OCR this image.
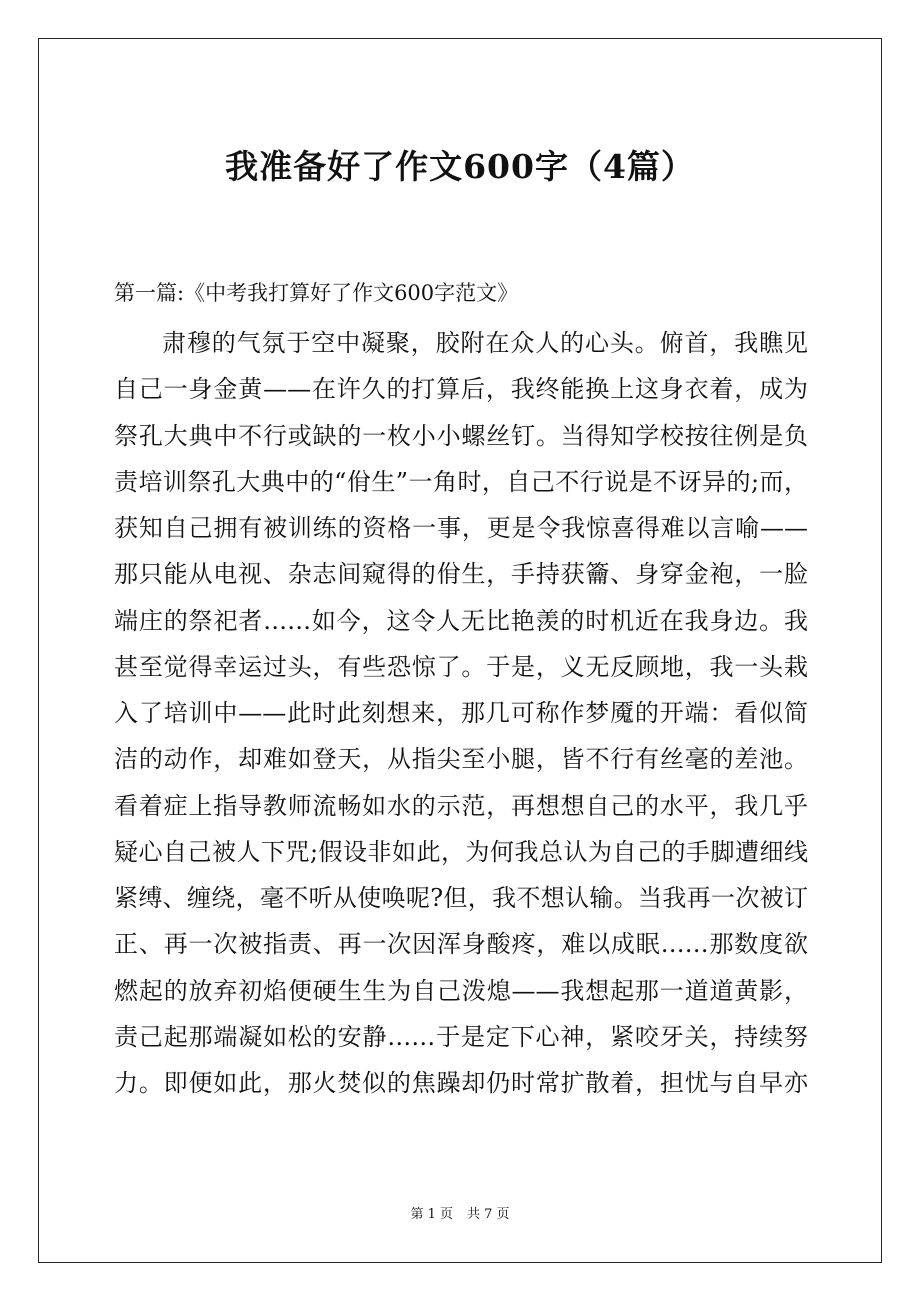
我准备好了作文600字（4篇）

第一篇:《中考我打算好了作文600字范文》

肃穆的气氛于空中凝聚，胶附在众人的心头。俯首，我瞧见
自己一身金黄——在许久的打算后，我终能换上这身衣着，成为
祭孔大典中不行或缺的一枚小小螺丝钉。当得知学校按往例是负
责培训祭孔大典中的“佾生”一角时，自己不行说是不讶异的;而，
获知自己拥有被训练的资格一事，更是令我惊喜得难以言喻——
那只能从电视、杂志间窥得的佾生，手持获籥、身穿金袍，一脸
端庄的祭祀者……如今，这令人无比艳羡的时机近在我身边。我
甚至觉得幸运过头，有些恐惊了。于是，义无反顾地，我一头栽
入了培训中——此时此刻想来，那几可称作梦魇的开端：看似简
洁的动作，却难如登天，从指尖至小腿，皆不行有丝毫的差池。
看着症上指导教师流畅如水的示范，再想想自己的水平，我几乎
疑心自己被人下咒;假设非如此，为何我总认为自己的手脚遭细线
紧缚、缠绕，毫不听从使唤呢?但，我不想认输。当我再一次被订
正、再一次被指责、再一次因浑身酸疼，难以成眠……那数度欲
燃起的放弃初焰便硬生生为自己泼熄——我想起那一道道黄影，
责己起那端凝如松的安静……于是定下心神，紧咬牙关，持续努
力。即便如此，那火焚似的焦躁却仍时常扩散着，担忧与自早亦
第 1 页 共 7 页
